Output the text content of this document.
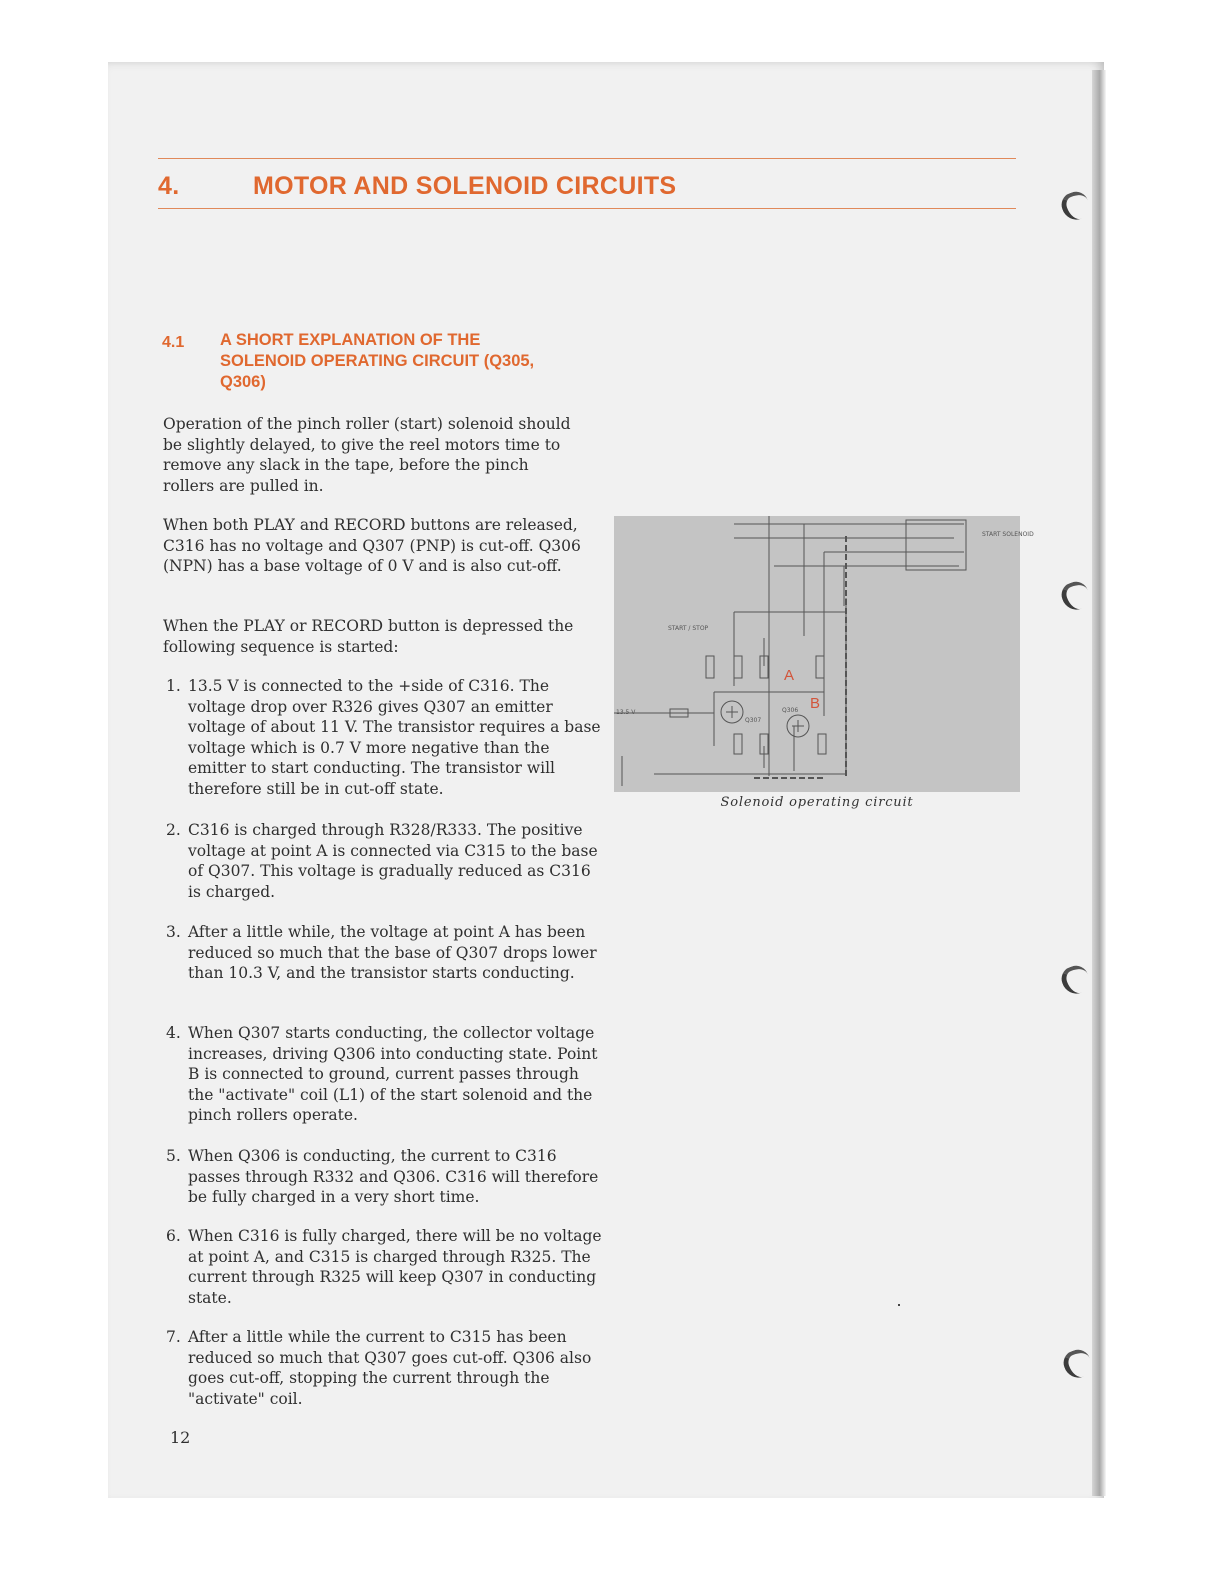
4.	MOTOR AND SOLENOID CIRCUITS
4.1 A SHORT EXPLANATION OF THE SOLENOID OPERATING CIRCUIT (Q305, Q306)

Operation of the pinch roller (start) solenoid should be slightly delayed, to give the reel motors time to remove any slack in the tape, before the pinch rollers are pulled in.

When both PLAY and RECORD buttons are released, C316 has no voltage and Q307 (PNP) is cut-off. Q306 (NPN) has a base voltage of 0 V and is also cut-off.

When the PLAY or RECORD button is depressed the following sequence is started:

1. 13.5 V is connected to the +side of C316. The voltage drop over R326 gives Q307 an emitter voltage of about 11 V. The transistor requires a base voltage which is 0.7 V more negative than the emitter to start conducting. The transistor will therefore still be in cut-off state.
2. C316 is charged through R328/R333. The positive voltage at point A is connected via C315 to the base of Q307. This voltage is gradually reduced as C316 is charged.
3. After a little while, the voltage at point A has been reduced so much that the base of Q307 drops lower than 10.3 V, and the transistor starts conducting.
4. When Q307 starts conducting, the collector voltage increases, driving Q306 into conducting state. Point B is connected to ground, current passes through the "activate" coil (L1) of the start solenoid and the pinch rollers operate.
5. When Q306 is conducting, the current to C316 passes through R332 and Q306. C316 will therefore be fully charged in a very short time.
6. When C316 is fully charged, there will be no voltage at point A, and C315 is charged through R325. The current through R325 will keep Q307 in conducting state.
7. After a little while the current to C315 has been reduced so much that Q307 goes cut-off. Q306 also goes cut-off, stopping the current through the "activate" coil.
12
START / STOP
START SOLENOID
13.5 V
Q307
Q306
A
B
Solenoid operating circuit
